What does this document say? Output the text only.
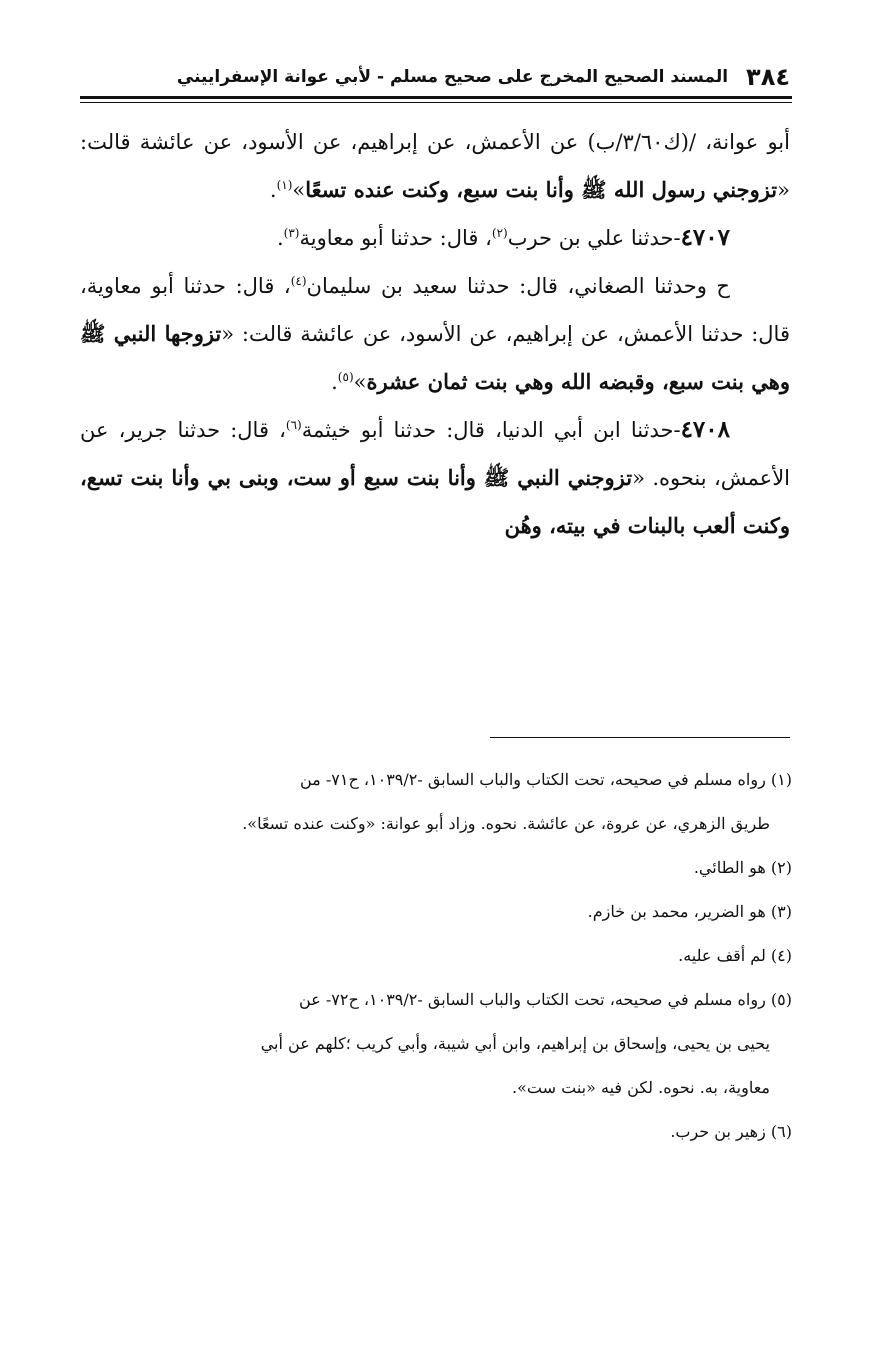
٣٨٤
المسند الصحيح المخرج على صحيح مسلم - لأبي عوانة الإسفراييني

أبو عوانة، /(ك٣/٦٠/ب) عن الأعمش، عن إبراهيم، عن الأسود، عن عائشة قالت: «تزوجني رسول الله ﷺ وأنا بنت سبع، وكنت عنده تسعًا»$^{(١)}$.

٤٧٠٧-حدثنا علي بن حرب$^{(٢)}$، قال: حدثنا أبو معاوية$^{(٣)}$.

ح وحدثنا الصغاني، قال: حدثنا سعيد بن سليمان$^{(٤)}$، قال: حدثنا أبو معاوية، قال: حدثنا الأعمش، عن إبراهيم، عن الأسود، عن عائشة قالت: «تزوجها النبي ﷺ وهي بنت سبع، وقبضه الله وهي بنت ثمان عشرة»$^{(٥)}$.

٤٧٠٨-حدثنا ابن أبي الدنيا، قال: حدثنا أبو خيثمة$^{(٦)}$، قال: حدثنا جرير، عن الأعمش، بنحوه. «تزوجني النبي ﷺ وأنا بنت سبع أو ست، وبنى بي وأنا بنت تسع، وكنت ألعب بالبنات في بيته، وهُن

(١) رواه مسلم في صحيحه، تحت الكتاب والباب السابق -١٠٣٩/٢، ح٧١- من

طريق الزهري، عن عروة، عن عائشة. نحوه. وزاد أبو عوانة: «وكنت عنده تسعًا».

(٢) هو الطائي.

(٣) هو الضرير، محمد بن خازم.

(٤) لم أقف عليه.

(٥) رواه مسلم في صحيحه، تحت الكتاب والباب السابق -١٠٣٩/٢، ح٧٢- عن

يحيى بن يحيى، وإسحاق بن إبراهيم، وابن أبي شيبة، وأبي كريب ؛كلهم عن أبي

معاوية، به. نحوه. لكن فيه «بنت ست».

(٦) زهير بن حرب.
